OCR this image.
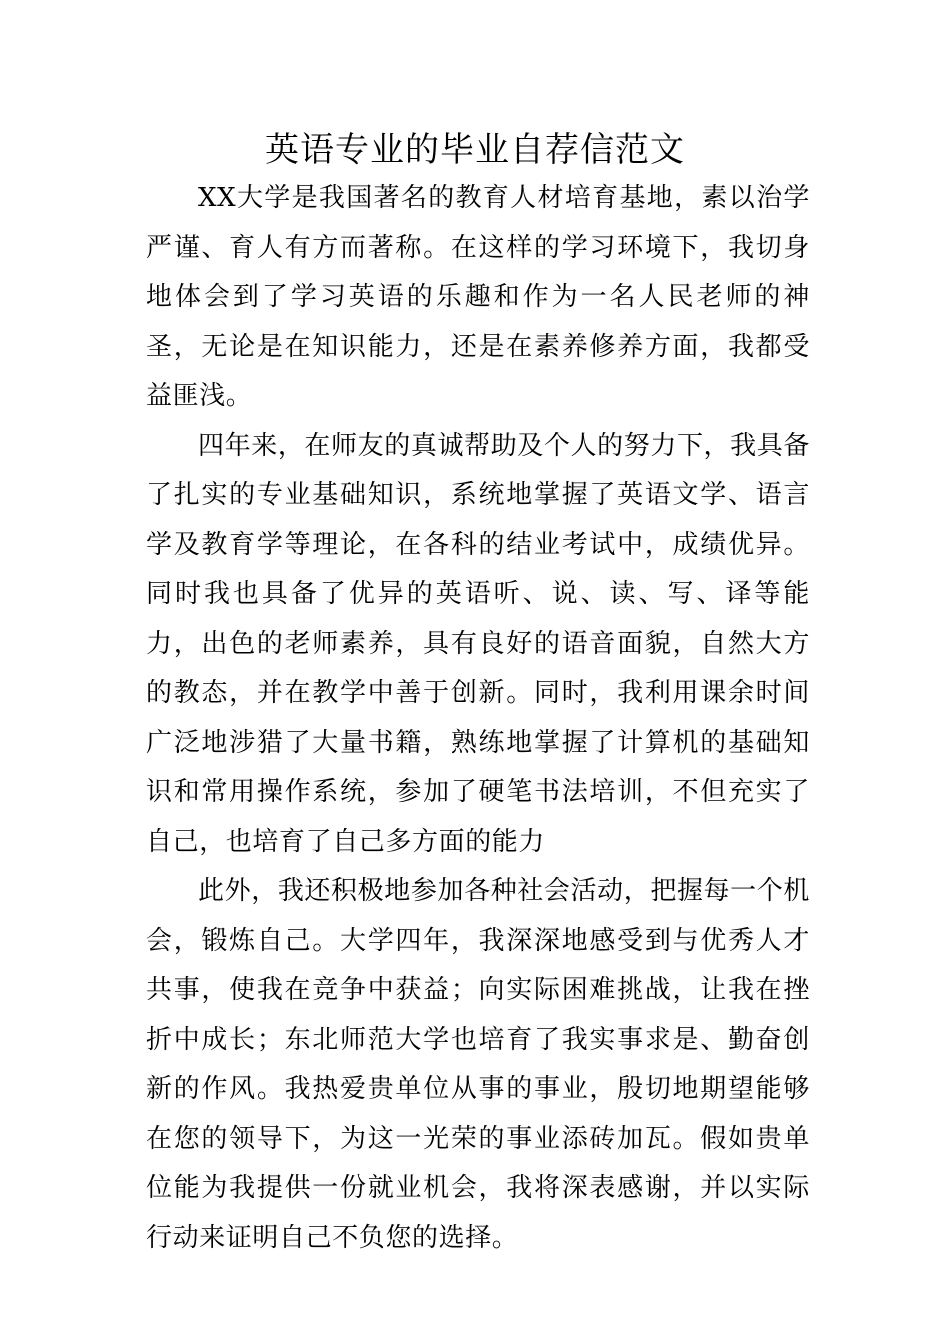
英语专业的毕业自荐信范文

XX大学是我国著名的教育人材培育基地，素以治学严谨、育人有方而著称。在这样的学习环境下，我切身地体会到了学习英语的乐趣和作为一名人民老师的神圣，无论是在知识能力，还是在素养修养方面，我都受益匪浅。

四年来，在师友的真诚帮助及个人的努力下，我具备了扎实的专业基础知识，系统地掌握了英语文学、语言学及教育学等理论，在各科的结业考试中，成绩优异。同时我也具备了优异的英语听、说、读、写、译等能力，出色的老师素养，具有良好的语音面貌，自然大方的教态，并在教学中善于创新。同时，我利用课余时间广泛地涉猎了大量书籍，熟练地掌握了计算机的基础知识和常用操作系统，参加了硬笔书法培训，不但充实了自己，也培育了自己多方面的能力

此外，我还积极地参加各种社会活动，把握每一个机会，锻炼自己。大学四年，我深深地感受到与优秀人才共事，使我在竞争中获益；向实际困难挑战，让我在挫折中成长；东北师范大学也培育了我实事求是、勤奋创新的作风。我热爱贵单位从事的事业，殷切地期望能够在您的领导下，为这一光荣的事业添砖加瓦。假如贵单位能为我提供一份就业机会，我将深表感谢，并以实际行动来证明自己不负您的选择。
